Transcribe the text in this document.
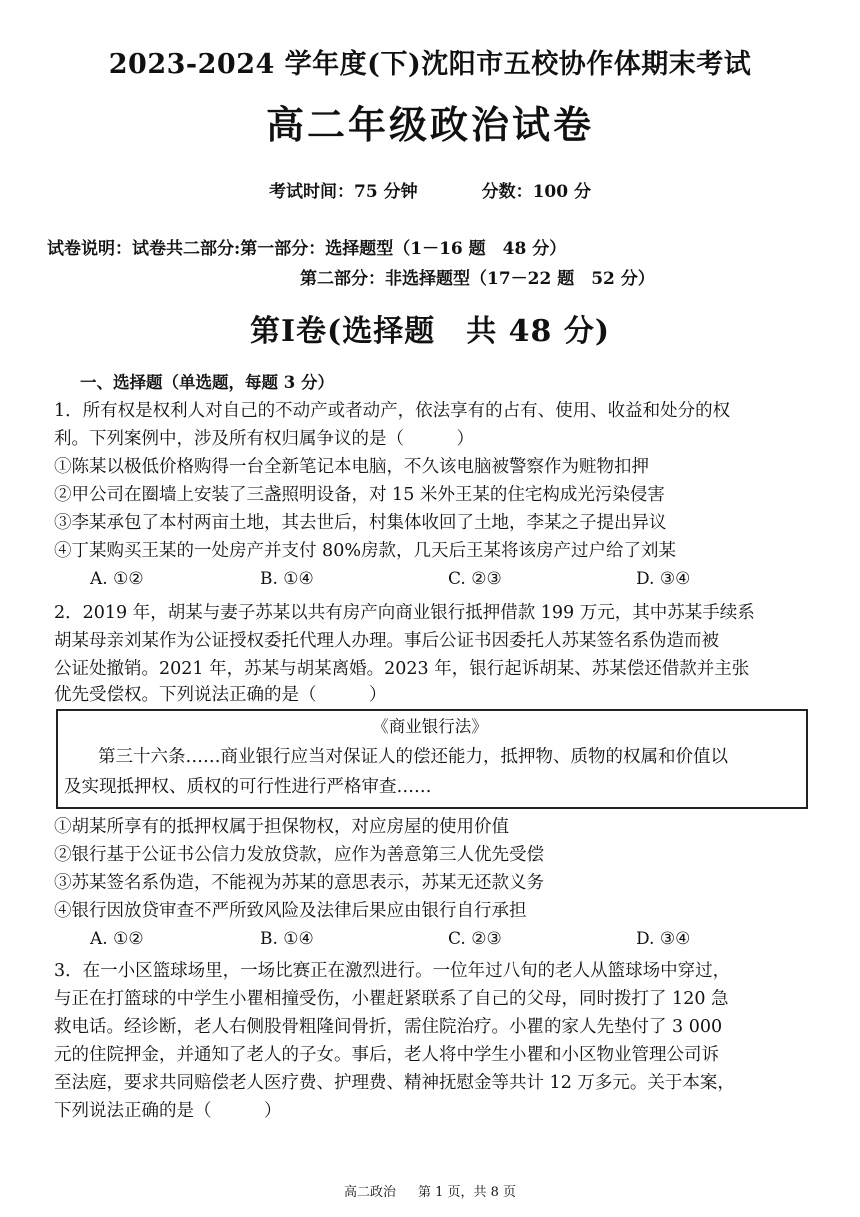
2023-2024 学年度(下)沈阳市五校协作体期末考试
高二年级政治试卷
考试时间：75 分钟	分数：100 分
试卷说明：试卷共二部分:第一部分：选择题型（1－16 题　48 分）
第二部分：非选择题型（17－22 题　52 分）
第Ⅰ卷(选择题　共 48 分)
一、选择题（单选题，每题 3 分）
1．所有权是权利人对自己的不动产或者动产，依法享有的占有、使用、收益和处分的权
利。下列案例中，涉及所有权归属争议的是（　　　）
①陈某以极低价格购得一台全新笔记本电脑，不久该电脑被警察作为赃物扣押
②甲公司在圈墙上安装了三盏照明设备，对 15 米外王某的住宅构成光污染侵害
③李某承包了本村两亩土地，其去世后，村集体收回了土地，李某之子提出异议
④丁某购买王某的一处房产并支付 80%房款，几天后王某将该房产过户给了刘某
A. ①②	B. ①④	C. ②③	D. ③④
2．2019 年，胡某与妻子苏某以共有房产向商业银行抵押借款 199 万元，其中苏某手续系
胡某母亲刘某作为公证授权委托代理人办理。事后公证书因委托人苏某签名系伪造而被
公证处撤销。2021 年，苏某与胡某离婚。2023 年，银行起诉胡某、苏某偿还借款并主张
优先受偿权。下列说法正确的是（　　　）
《商业银行法》
第三十六条……商业银行应当对保证人的偿还能力，抵押物、质物的权属和价值以
及实现抵押权、质权的可行性进行严格审查……
①胡某所享有的抵押权属于担保物权，对应房屋的使用价值
②银行基于公证书公信力发放贷款，应作为善意第三人优先受偿
③苏某签名系伪造，不能视为苏某的意思表示，苏某无还款义务
④银行因放贷审查不严所致风险及法律后果应由银行自行承担
A. ①②	B. ①④	C. ②③	D. ③④
3．在一小区篮球场里，一场比赛正在激烈进行。一位年过八旬的老人从篮球场中穿过，
与正在打篮球的中学生小瞿相撞受伤，小瞿赶紧联系了自己的父母，同时拨打了 120 急
救电话。经诊断，老人右侧股骨粗隆间骨折，需住院治疗。小瞿的家人先垫付了 3 000
元的住院押金，并通知了老人的子女。事后，老人将中学生小瞿和小区物业管理公司诉
至法庭，要求共同赔偿老人医疗费、护理费、精神抚慰金等共计 12 万多元。关于本案，
下列说法正确的是（　　　）
高二政治 第 1 页，共 8 页
